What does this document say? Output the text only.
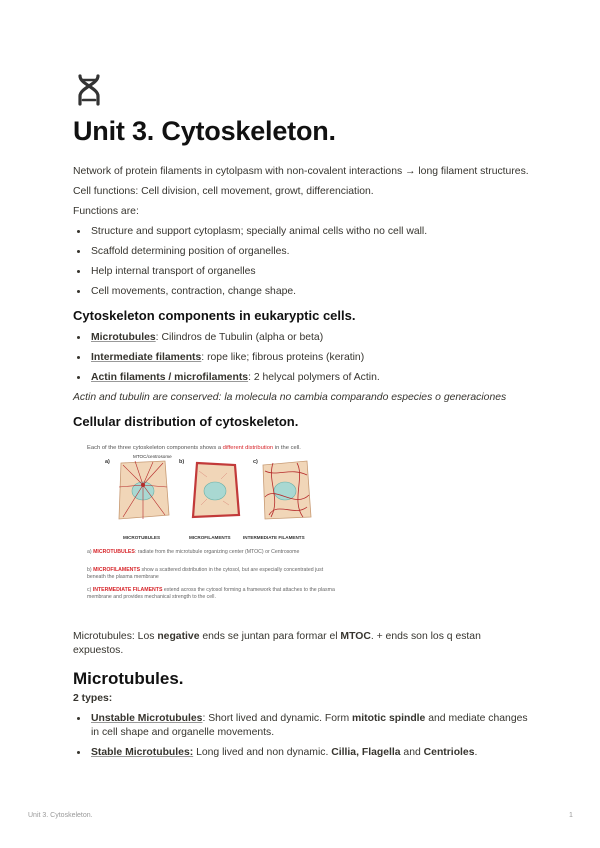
Unit 3. Cytoskeleton.

Network of protein filaments in cytolpasm with non-covalent interactions → long filament structures.

Cell functions: Cell division, cell movement, growt, differenciation.

Functions are:

• Structure and support cytoplasm; specially animal cells witho no cell wall.
• Scaffold determining position of organelles.
• Help internal transport of organelles
• Cell movements, contraction, change shape.
Cytoskeleton components in eukaryptic cells.
• Microtubules: Cilindros de Tubulin (alpha or beta)
• Intermediate filaments: rope like; fibrous proteins (keratin)
• Actin filaments / microfilaments: 2 helycal polymers of Actin.

Actin and tubulin are conserved: la molecula no cambia comparando especies o generaciones

Cellular distribution of cytoskeleton.
Each of the three cytoskeleton components shows a different distribution in the cell.
a)	b)	c)
MTOC/centrosome
MICROTUBULES	MICROFILAMENTS	INTERMEDIATE FILAMENTS
a) MICROTUBULES: radiate from the microtubule organizing center (MTOC) or Centrosome
b) MICROFILAMENTS show a scattered distribution in the cytosol, but are especially concentrated just beneath the plasma membrane
c) INTERMEDIATE FILAMENTS extend across the cytosol forming a framework that attaches to the plasma membrane and provides mechanical strength to the cell.

Microtubules: Los negative ends se juntan para formar el MTOC. + ends son los q estan expuestos.

Microtubules.

2 types:

• Unstable Microtubules: Short lived and dynamic. Form mitotic spindle and mediate changes in cell shape and organelle movements.
• Stable Microtubules: Long lived and non dynamic. Cillia, Flagella and Centrioles.
Unit 3. Cytoskeleton.	1
